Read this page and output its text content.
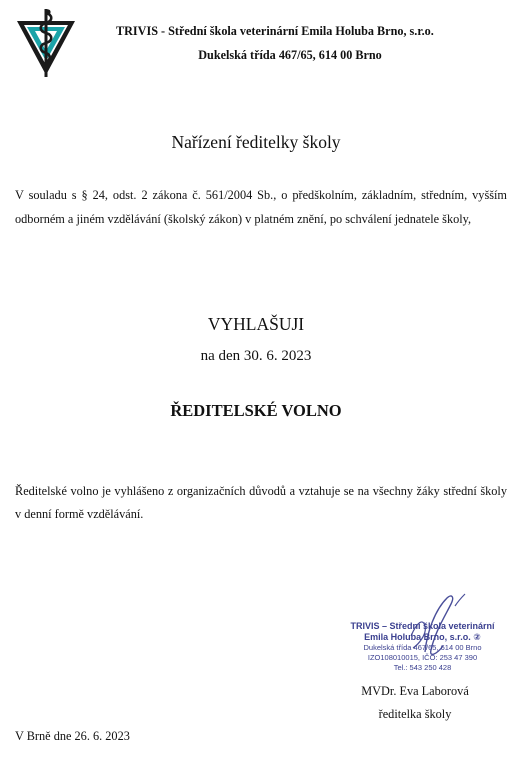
TRIVIS - Střední škola veterinární Emila Holuba Brno, s.r.o.
Dukelská třída 467/65, 614 00 Brno
Nařízení ředitelky školy
V souladu s § 24, odst. 2 zákona č. 561/2004 Sb., o předškolním, základním, středním, vyšším odborném a jiném vzdělávání (školský zákon) v platném znění, po schválení jednatele školy,
VYHLAŠUJI
na den 30. 6. 2023
ŘEDITELSKÉ VOLNO
Ředitelské volno je vyhlášeno z organizačních důvodů a vztahuje se na všechny žáky střední školy v denní formě vzdělávání.
TRIVIS – Střední škola veterinární
Emila Holuba Brno, s.r.o. ②
Dukelská třída 467/65, 614 00 Brno
IZO108010015, IČO: 253 47 390
Tel.: 543 250 428
MVDr. Eva Laborová
ředitelka školy
V Brně dne 26. 6. 2023
